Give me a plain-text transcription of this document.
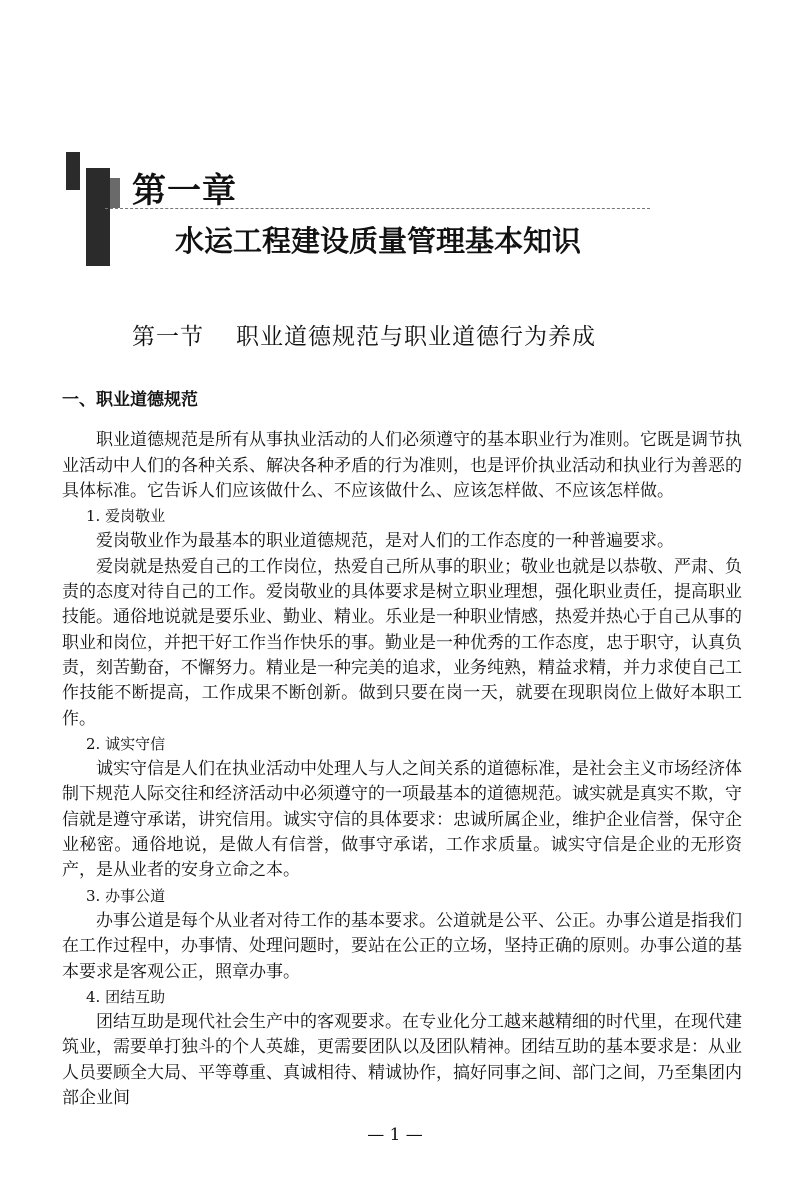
第一章
水运工程建设质量管理基本知识
第一节 职业道德规范与职业道德行为养成
一、职业道德规范

职业道德规范是所有从事执业活动的人们必须遵守的基本职业行为准则。它既是调节执业活动中人们的各种关系、解决各种矛盾的行为准则，也是评价执业活动和执业行为善恶的具体标准。它告诉人们应该做什么、不应该做什么、应该怎样做、不应该怎样做。

1. 爱岗敬业

爱岗敬业作为最基本的职业道德规范，是对人们的工作态度的一种普遍要求。

爱岗就是热爱自己的工作岗位，热爱自己所从事的职业；敬业也就是以恭敬、严肃、负责的态度对待自己的工作。爱岗敬业的具体要求是树立职业理想，强化职业责任，提高职业技能。通俗地说就是要乐业、勤业、精业。乐业是一种职业情感，热爱并热心于自己从事的职业和岗位，并把干好工作当作快乐的事。勤业是一种优秀的工作态度，忠于职守，认真负责，刻苦勤奋，不懈努力。精业是一种完美的追求，业务纯熟，精益求精，并力求使自己工作技能不断提高，工作成果不断创新。做到只要在岗一天，就要在现职岗位上做好本职工作。

2. 诚实守信

诚实守信是人们在执业活动中处理人与人之间关系的道德标准，是社会主义市场经济体制下规范人际交往和经济活动中必须遵守的一项最基本的道德规范。诚实就是真实不欺，守信就是遵守承诺，讲究信用。诚实守信的具体要求：忠诚所属企业，维护企业信誉，保守企业秘密。通俗地说，是做人有信誉，做事守承诺，工作求质量。诚实守信是企业的无形资产，是从业者的安身立命之本。

3. 办事公道

办事公道是每个从业者对待工作的基本要求。公道就是公平、公正。办事公道是指我们在工作过程中，办事情、处理问题时，要站在公正的立场，坚持正确的原则。办事公道的基本要求是客观公正，照章办事。

4. 团结互助

团结互助是现代社会生产中的客观要求。在专业化分工越来越精细的时代里，在现代建筑业，需要单打独斗的个人英雄，更需要团队以及团队精神。团结互助的基本要求是：从业人员要顾全大局、平等尊重、真诚相待、精诚协作，搞好同事之间、部门之间，乃至集团内部企业间

— 1 —
